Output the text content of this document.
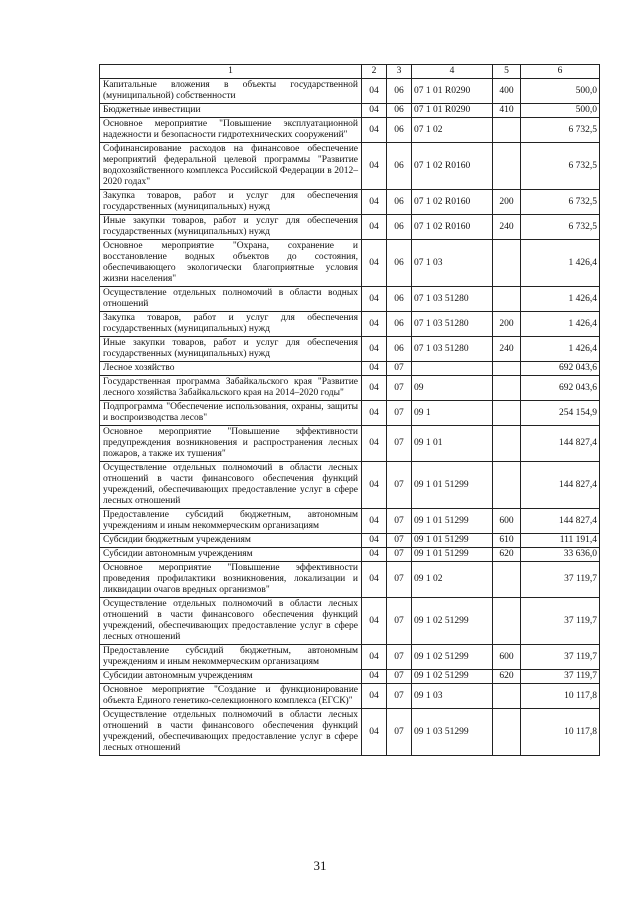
1	2	3	4	5	6
Капитальные вложения в объекты государственной (муниципальной) собственности	04	06	07 1 01 R0290	400	500,0
Бюджетные инвестиции	04	06	07 1 01 R0290	410	500,0
Основное мероприятие "Повышение эксплуатационной надежности и безопасности гидротехнических сооружений"	04	06	07 1 02		6 732,5
Софинансирование расходов на финансовое обеспечение мероприятий федеральной целевой программы "Развитие водохозяйственного комплекса Российской Федерации в 2012–2020 годах"	04	06	07 1 02 R0160		6 732,5
Закупка товаров, работ и услуг для обеспечения государственных (муниципальных) нужд	04	06	07 1 02 R0160	200	6 732,5
Иные закупки товаров, работ и услуг для обеспечения государственных (муниципальных) нужд	04	06	07 1 02 R0160	240	6 732,5
Основное мероприятие "Охрана, сохранение и восстановление водных объектов до состояния, обеспечивающего экологически благоприятные условия жизни населения"	04	06	07 1 03		1 426,4
Осуществление отдельных полномочий в области водных отношений	04	06	07 1 03 51280		1 426,4
Закупка товаров, работ и услуг для обеспечения государственных (муниципальных) нужд	04	06	07 1 03 51280	200	1 426,4
Иные закупки товаров, работ и услуг для обеспечения государственных (муниципальных) нужд	04	06	07 1 03 51280	240	1 426,4
Лесное хозяйство	04	07			692 043,6
Государственная программа Забайкальского края "Развитие лесного хозяйства Забайкальского края на 2014–2020 годы"	04	07	09		692 043,6
Подпрограмма "Обеспечение использования, охраны, защиты и воспроизводства лесов"	04	07	09 1		254 154,9
Основное мероприятие "Повышение эффективности предупреждения возникновения и распространения лесных пожаров, а также их тушения"	04	07	09 1 01		144 827,4
Осуществление отдельных полномочий в области лесных отношений в части финансового обеспечения функций учреждений, обеспечивающих предоставление услуг в сфере лесных отношений	04	07	09 1 01 51299		144 827,4
Предоставление субсидий бюджетным, автономным учреждениям и иным некоммерческим организациям	04	07	09 1 01 51299	600	144 827,4
Субсидии бюджетным учреждениям	04	07	09 1 01 51299	610	111 191,4
Субсидии автономным учреждениям	04	07	09 1 01 51299	620	33 636,0
Основное мероприятие "Повышение эффективности проведения профилактики возникновения, локализации и ликвидации очагов вредных организмов"	04	07	09 1 02		37 119,7
Осуществление отдельных полномочий в области лесных отношений в части финансового обеспечения функций учреждений, обеспечивающих предоставление услуг в сфере лесных отношений	04	07	09 1 02 51299		37 119,7
Предоставление субсидий бюджетным, автономным учреждениям и иным некоммерческим организациям	04	07	09 1 02 51299	600	37 119,7
Субсидии автономным учреждениям	04	07	09 1 02 51299	620	37 119,7
Основное мероприятие "Создание и функционирование объекта Единого генетико-селекционного комплекса (ЕГСК)"	04	07	09 1 03		10 117,8
Осуществление отдельных полномочий в области лесных отношений в части финансового обеспечения функций учреждений, обеспечивающих предоставление услуг в сфере лесных отношений	04	07	09 1 03 51299		10 117,8
31
